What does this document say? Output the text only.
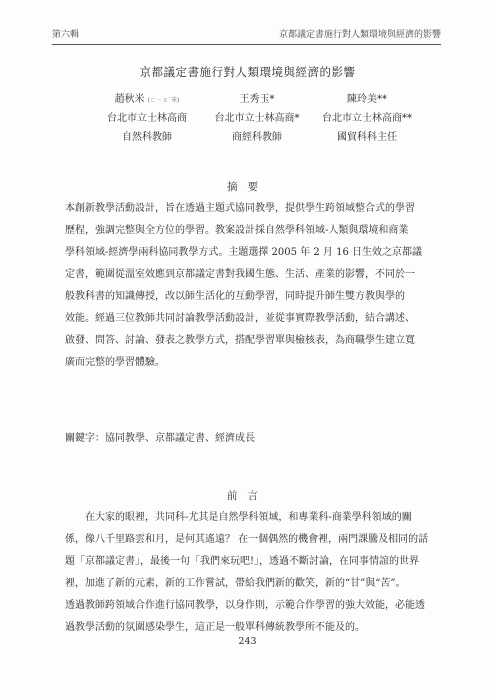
第六輯	京都議定書施行對人類環境與經濟的影響
京都議定書施行對人類環境與經濟的影響
趙秋米 (ㄈㄧㄡˊ米)	王秀玉*	陳玲美**
台北市立士林高商	台北市立士林高商*	台北市立士林高商**
自然科教師	商經科教師	國貿科科主任
摘要
本創新教學活動設計，旨在透過主題式協同教學，提供學生跨領域整合式的學習
歷程，強調完整與全方位的學習。教案設計採自然學科領域-人類與環境和商業
學科領域-經濟學兩科協同教學方式。主題選擇 2005 年 2 月 16 日生效之京都議
定書，範圍從溫室效應到京都議定書對我國生態、生活、產業的影響，不同於一
般教科書的知識傳授，改以師生活化的互動學習，同時提升師生雙方教與學的
效能。經過三位教師共同討論教學活動設計，並從事實際教學活動，結合講述、
啟發、問答、討論、發表之教學方式，搭配學習單與檢核表，為商職學生建立寬
廣而完整的學習體驗。
關鍵字：協同教學、京都議定書、經濟成長
前言
在大家的眼裡，共同科-尤其是自然學科領域，和專業科-商業學科領域的關
係，像八千里路雲和月，是何其遙遠？ 在一個偶然的機會裡，兩門課騰及相同的話
題「京都議定書」，最後一句「我們來玩吧!」，透過不斷討論，在同事情誼的世界
裡，加進了新的元素，新的工作嘗試，帶給我們新的歡笑，新的“甘”與“苦”。
透過教師跨領域合作進行協同教學，以身作則，示範合作學習的強大效能，必能透
過教學活動的氛圍感染學生，這正是一般單科傳統教學所不能及的。
243
